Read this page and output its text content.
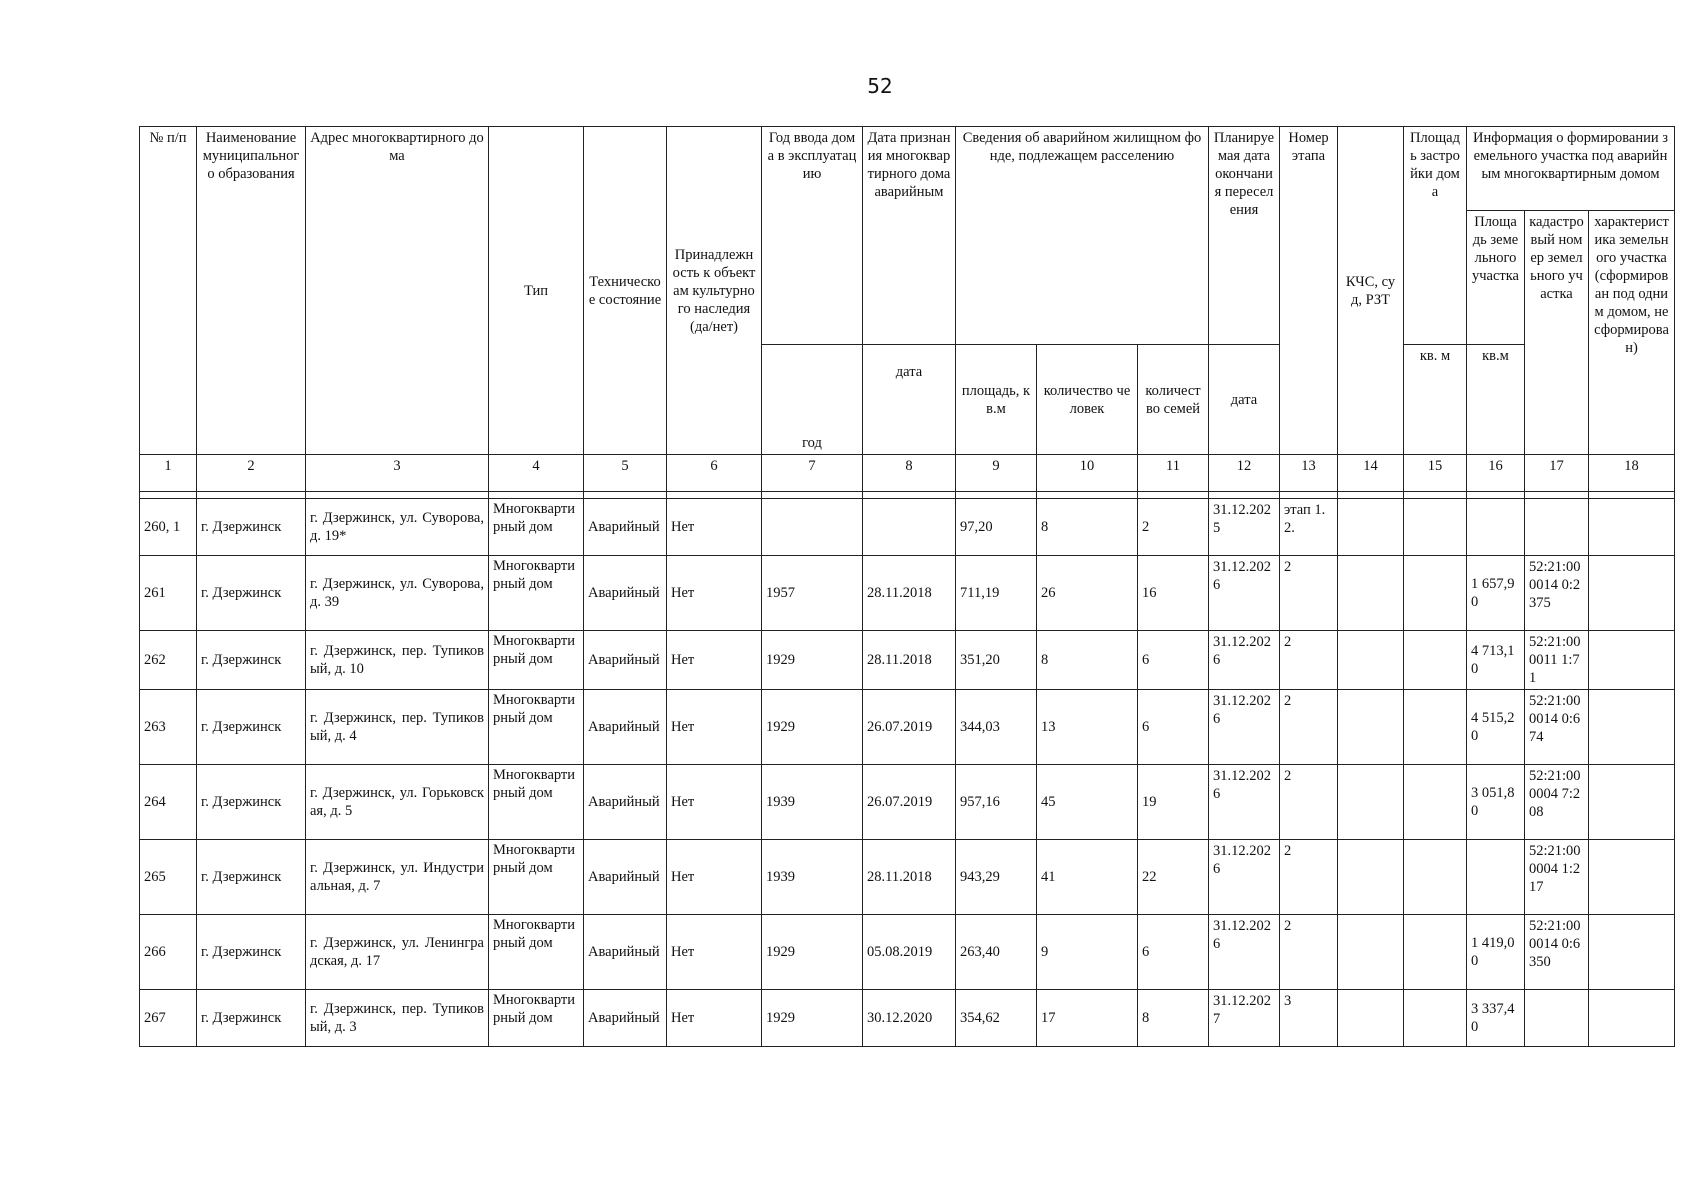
52
№ п/п	Наименование муниципального образования	Адрес многоквартирного дома	Тип	Техническое состояние	Принадлежность к объектам культурного наследия (да/нет)	Год ввода дома в эксплуатацию	Дата признания многоквартирного дома аварийным	Сведения об аварийном жилищном фонде, подлежащем расселению			Планируемая дата окончания переселения	Номер этапа	КЧС, суд, РЗТ	Площадь застройки дома	Информация о формировании земельного участка под аварийным многоквартирным домом		
															Площадь земельного участка	кадастровый номер земельного участка	характеристика земельного участка (сформирован под одним домом, не сформирован)
						год	дата	площадь, кв.м	количество человек	количество семей	дата			кв. м	кв.м		
1	2	3	4	5	6	7	8	9	10	11	12	13	14	15	16	17	18

260, 1	г. Дзержинск	г. Дзержинск, ул. Суворова, д. 19*	Многоквартирный дом	Аварийный	Нет			97,20	8	2	31.12.2025	этап 1.2.					
261	г. Дзержинск	г. Дзержинск, ул. Суворова, д. 39	Многоквартирный дом	Аварийный	Нет	1957	28.11.2018	711,19	26	16	31.12.2026	2			1 657,90	52:21:000014 0:2375	
262	г. Дзержинск	г. Дзержинск, пер. Тупиковый, д. 10	Многоквартирный дом	Аварийный	Нет	1929	28.11.2018	351,20	8	6	31.12.2026	2			4 713,10	52:21:000011 1:71	
263	г. Дзержинск	г. Дзержинск, пер. Тупиковый, д. 4	Многоквартирный дом	Аварийный	Нет	1929	26.07.2019	344,03	13	6	31.12.2026	2			4 515,20	52:21:000014 0:674	
264	г. Дзержинск	г. Дзержинск, ул. Горьковская, д. 5	Многоквартирный дом	Аварийный	Нет	1939	26.07.2019	957,16	45	19	31.12.2026	2			3 051,80	52:21:000004 7:208	
265	г. Дзержинск	г. Дзержинск, ул. Индустриальная, д. 7	Многоквартирный дом	Аварийный	Нет	1939	28.11.2018	943,29	41	22	31.12.2026	2				52:21:000004 1:217	
266	г. Дзержинск	г. Дзержинск, ул. Ленинградская, д. 17	Многоквартирный дом	Аварийный	Нет	1929	05.08.2019	263,40	9	6	31.12.2026	2			1 419,00	52:21:000014 0:6350	
267	г. Дзержинск	г. Дзержинск, пер. Тупиковый, д. 3	Многоквартирный дом	Аварийный	Нет	1929	30.12.2020	354,62	17	8	31.12.2027	3			3 337,40		
